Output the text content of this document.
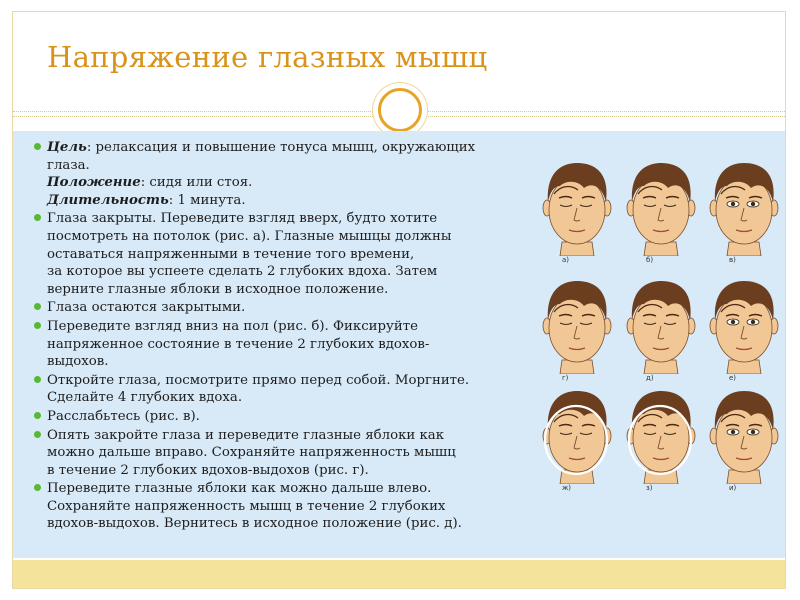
Напряжение глазных мышц
Цель: релаксация и повышение тонуса мышц, окружающих
глаза.
Положение: сидя или стоя.
Длительность: 1 минута.
Глаза закрыты. Переведите взгляд вверх, будто хотите
посмотреть на потолок (рис. а). Глазные мышцы должны
оставаться напряженными в течение того времени,
за которое вы успеете сделать 2 глубоких вдоха. Затем
верните глазные яблоки в исходное положение.
Глаза остаются закрытыми.
Переведите взгляд вниз на пол (рис. б). Фиксируйте
напряженное состояние в течение 2 глубоких вдохов-
выдохов.
Откройте глаза, посмотрите прямо перед собой. Моргните.
Сделайте 4 глубоких вдоха.
Расслабьтесь (рис. в).
Опять закройте глаза и переведите глазные яблоки как
можно дальше вправо. Сохраняйте напряженность мышц
в течение 2 глубоких вдохов-выдохов (рис. г).
Переведите глазные яблоки как можно дальше влево.
Сохраняйте напряженность мышц в течение 2 глубоких
вдохов-выдохов. Вернитесь в исходное положение (рис. д).
а)	б)	в)
г)	д)	е)
ж)	з)	и)
